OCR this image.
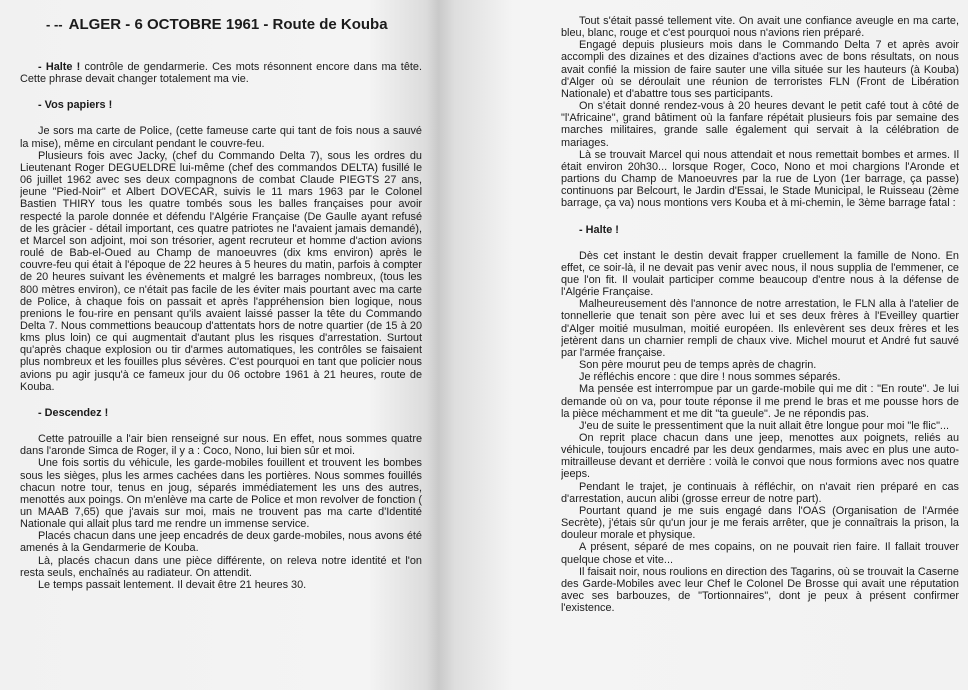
- -- ALGER - 6 OCTOBRE 1961 - Route de Kouba

- Halte ! contrôle de gendarmerie. Ces mots résonnent encore dans ma tête. Cette phrase devait changer totalement ma vie.

- Vos papiers !

Je sors ma carte de Police, (cette fameuse carte qui tant de fois nous a sauvé la mise), même en circulant pendant le couvre-feu.

Plusieurs fois avec Jacky, (chef du Commando Delta 7), sous les ordres du Lieutenant Roger DEGUELDRE lui-même (chef des commandos DELTA) fusillé le 06 juillet 1962 avec ses deux compagnons de combat Claude PIEGTS 27 ans, jeune "Pied-Noir" et Albert DOVECAR, suivis le 11 mars 1963 par le Colonel Bastien THIRY tous les quatre tombés sous les balles françaises pour avoir respecté la parole donnée et défendu l'Algérie Française (De Gaulle ayant refusé de les gràcier - détail important, ces quatre patriotes ne l'avaient jamais demandé), et Marcel son adjoint, moi son trésorier, agent recruteur et homme d'action avions roulé de Bab-el-Oued au Champ de manoeuvres (dix kms environ) après le couvre-feu qui était à l'époque de 22 heures à 5 heures du matin, parfois à compter de 20 heures suivant les évènements et malgré les barrages nombreux, (tous les 800 mètres environ), ce n'était pas facile de les éviter mais pourtant avec ma carte de Police, à chaque fois on passait et après l'appréhension bien logique, nous prenions le fou-rire en pensant qu'ils avaient laissé passer la tête du Commando Delta 7. Nous commettions beaucoup d'attentats hors de notre quartier (de 15 à 20 kms plus loin) ce qui augmentait d'autant plus les risques d'arrestation. Surtout qu'après chaque explosion ou tir d'armes automatiques, les contrôles se faisaient plus nombreux et les fouilles plus sévères. C'est pourquoi en tant que policier nous avions pu agir jusqu'à ce fameux jour du 06 octobre 1961 à 21 heures, route de Kouba.

- Descendez !

Cette patrouille a l'air bien renseigné sur nous. En effet, nous sommes quatre dans l'aronde Simca de Roger, il y a : Coco, Nono, lui bien sûr et moi.

Une fois sortis du véhicule, les garde-mobiles fouillent et trouvent les bombes sous les sièges, plus les armes cachées dans les portières. Nous sommes fouillés chacun notre tour, tenus en joug, séparés immédiatement les uns des autres, menottés aux poings. On m'enlève ma carte de Police et mon revolver de fonction ( un MAAB 7,65) que j'avais sur moi, mais ne trouvent pas ma carte d'Identité Nationale qui allait plus tard me rendre un immense service.

Placés chacun dans une jeep encadrés de deux garde-mobiles, nous avons été amenés à la Gendarmerie de Kouba.

Là, placés chacun dans une pièce différente, on releva notre identité et l'on resta seuls, enchaînés au radiateur. On attendit.

Le temps passait lentement. Il devait être 21 heures 30.

Tout s'était passé tellement vite. On avait une confiance aveugle en ma carte, bleu, blanc, rouge et c'est pourquoi nous n'avions rien préparé.

Engagé depuis plusieurs mois dans le Commando Delta 7 et après avoir accompli des dizaines et des dizaines d'actions avec de bons résultats, on nous avait confié la mission de faire sauter une villa située sur les hauteurs (à Kouba) d'Alger où se déroulait une réunion de terroristes FLN (Front de Libération Nationale) et d'abattre tous ses participants.

On s'était donné rendez-vous à 20 heures devant le petit café tout à côté de "l'Africaine", grand bâtiment où la fanfare répétait plusieurs fois par semaine des marches militaires, grande salle également qui servait à la célébration de mariages.

Là se trouvait Marcel qui nous attendait et nous remettait bombes et armes. Il était environ 20h30... lorsque Roger, Coco, Nono et moi chargions l'Aronde et partions du Champ de Manoeuvres par la rue de Lyon (1er barrage, ça passe) continuons par Belcourt, le Jardin d'Essai, le Stade Municipal, le Ruisseau (2ème barrage, ça va) nous montions vers Kouba et à mi-chemin, le 3ème barrage fatal :

- Halte !

Dès cet instant le destin devait frapper cruellement la famille de Nono. En effet, ce soir-là, il ne devait pas venir avec nous, il nous supplia de l'emmener, ce que l'on fit. Il voulait participer comme beaucoup d'entre nous à la défense de l'Algérie Française.

Malheureusement dès l'annonce de notre arrestation, le FLN alla à l'atelier de tonnellerie que tenait son père avec lui et ses deux frères à l'Eveilley quartier d'Alger moitié musulman, moitié européen. Ils enlevèrent ses deux frères et les jetèrent dans un charnier rempli de chaux vive. Michel mourut et André fut sauvé par l'armée française.

Son père mourut peu de temps après de chagrin.

Je réfléchis encore : que dire ! nous sommes séparés.

Ma pensée est interrompue par un garde-mobile qui me dit : "En route". Je lui demande où on va, pour toute réponse il me prend le bras et me pousse hors de la pièce méchamment et me dit "ta gueule". Je ne répondis pas.

J'eu de suite le pressentiment que la nuit allait être longue pour moi "le flic"...

On reprit place chacun dans une jeep, menottes aux poignets, reliés au véhicule, toujours encadré par les deux gendarmes, mais avec en plus une auto-mitrailleuse devant et derrière : voilà le convoi que nous formions avec nos quatre jeeps.

Pendant le trajet, je continuais à réfléchir, on n'avait rien préparé en cas d'arrestation, aucun alibi (grosse erreur de notre part).

Pourtant quand je me suis engagé dans l'OAS (Organisation de l'Armée Secrète), j'étais sûr qu'un jour je me ferais arrêter, que je connaîtrais la prison, la douleur morale et physique.

A présent, séparé de mes copains, on ne pouvait rien faire. Il fallait trouver quelque chose et vite...

Il faisait noir, nous roulions en direction des Tagarins, où se trouvait la Caserne des Garde-Mobiles avec leur Chef le Colonel De Brosse qui avait une réputation avec ses barbouzes, de "Tortionnaires", dont je peux à présent confirmer l'existence.
